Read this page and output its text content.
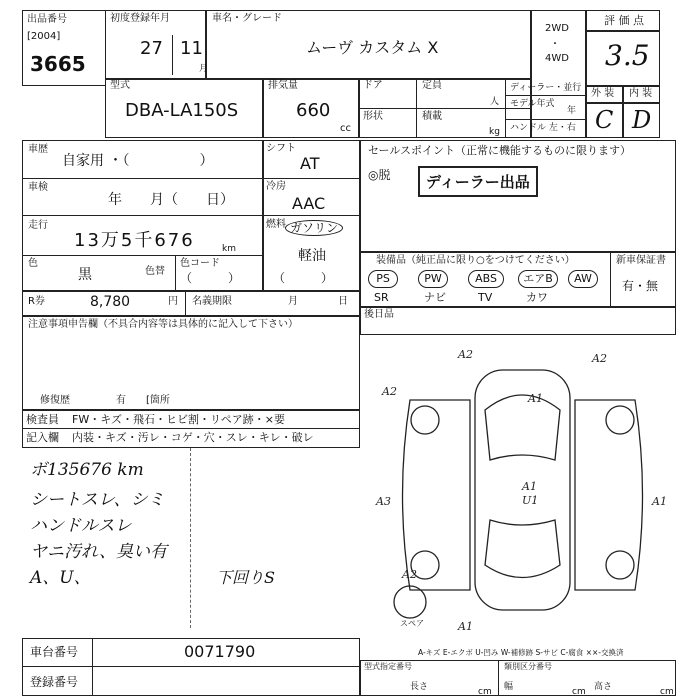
出品番号
[2004]
3665
初度登録年月
27 11
月
車名・グレード
ムーヴ カスタム X
2WD
・
4WD
評 価 点
3.5
型式
DBA-LA150S
排気量
660
cc
ドア	定員
人
形状	積載
kg
ディーラー・並行
モデル年式
年
ハンドル 左・右
外 装 内 装
C D
車歴
自家用 ・（　　　　　）
シフト
AT
車検
年　　月（　　日）
冷房
AAC
走行
13万5千676	km
燃料 ガソリン
軽油
（　　　）
色
黒	色替
色コード
（　　　）
R券	8,780	円 名義期限	月	日
注意事項申告欄（不具合内容等は具体的に記入して下さい）
修復歴	有 [箇所
セールスポイント（正常に機能するものに限ります）
◎脱	ディーラー出品
装備品（純正品に限り○をつけてください）	新車保証書
PS	PW	ABS	エアB	AW
SR	ナビ	TV	カワ
有・無
後日品
検査員 FW・キズ・飛石・ヒビ割・リペア跡・×要
記入欄 内装・キズ・汚レ・コゲ・穴・スレ・キレ・破レ
ボ135676 km
シートスレ、シミ
ハンドルスレ
ヤニ汚れ、臭い有
A、U、	下回りS
A2	A2
A2
A1
A1
A1
A3
A2
A1
U1
スペア
A-キズ E-エクボ U-凹み W-補修跡 S-サビ C-腐食 ××-交換済
車台番号	0071790
登録番号
型式指定番号	類別区分番号
長さ	cm 幅	cm 高さ	cm
